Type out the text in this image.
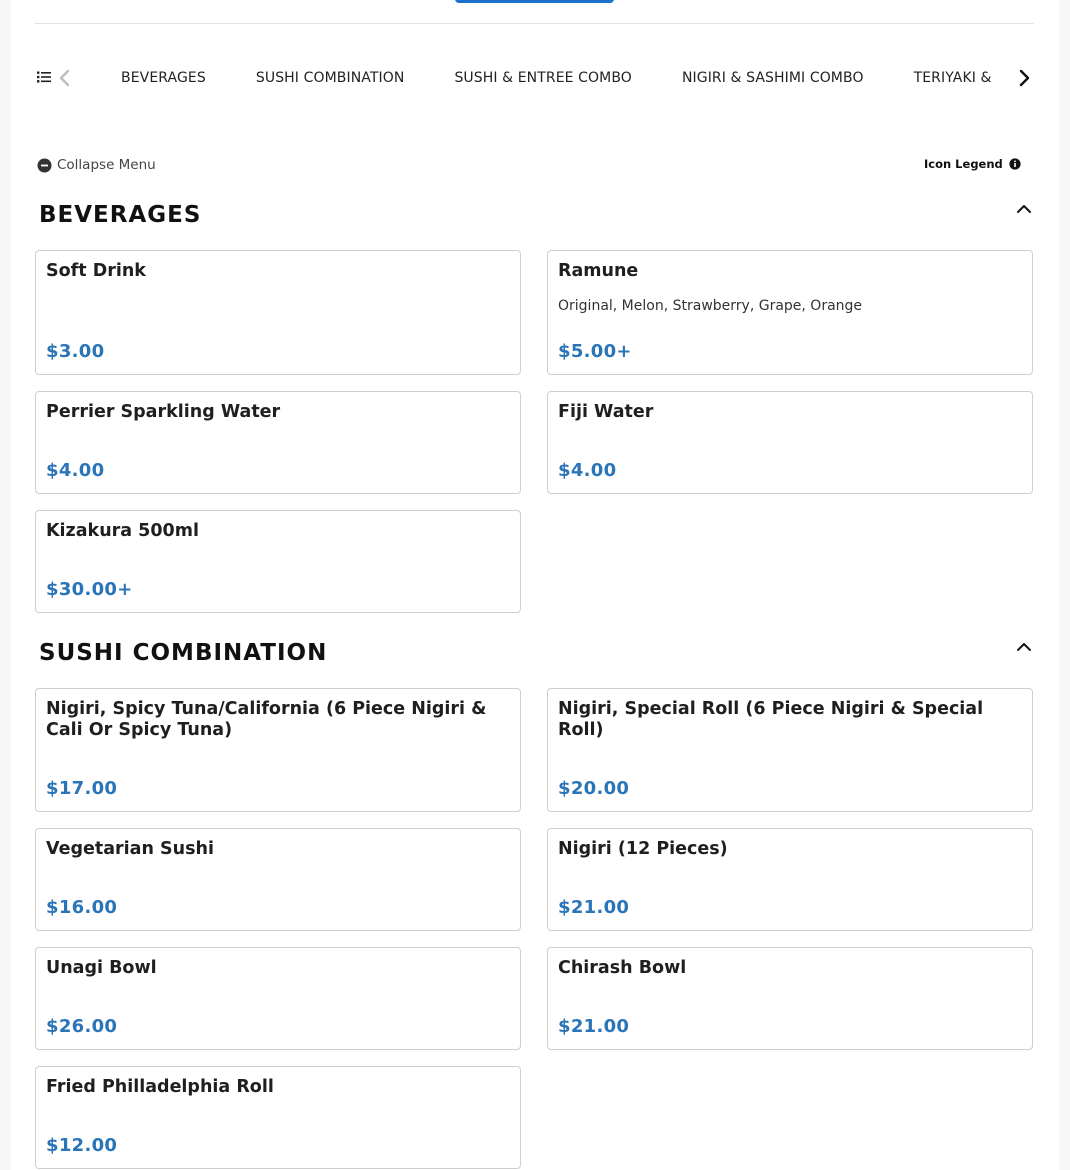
BEVERAGES	SUSHI COMBINATION	SUSHI & ENTREE COMBO	NIGIRI & SASHIMI COMBO	TERIYAKI &
Collapse Menu	Icon Legend
BEVERAGES
Soft Drink
$3.00
Ramune
Original, Melon, Strawberry, Grape, Orange
$5.00+
Perrier Sparkling Water
$4.00
Fiji Water
$4.00
Kizakura 500ml
$30.00+
SUSHI COMBINATION
Nigiri, Spicy Tuna/California (6 Piece Nigiri & Cali Or Spicy Tuna)
$17.00
Nigiri, Special Roll (6 Piece Nigiri & Special Roll)
$20.00
Vegetarian Sushi
$16.00
Nigiri (12 Pieces)
$21.00
Unagi Bowl
$26.00
Chirash Bowl
$21.00
Fried Philladelphia Roll
$12.00
